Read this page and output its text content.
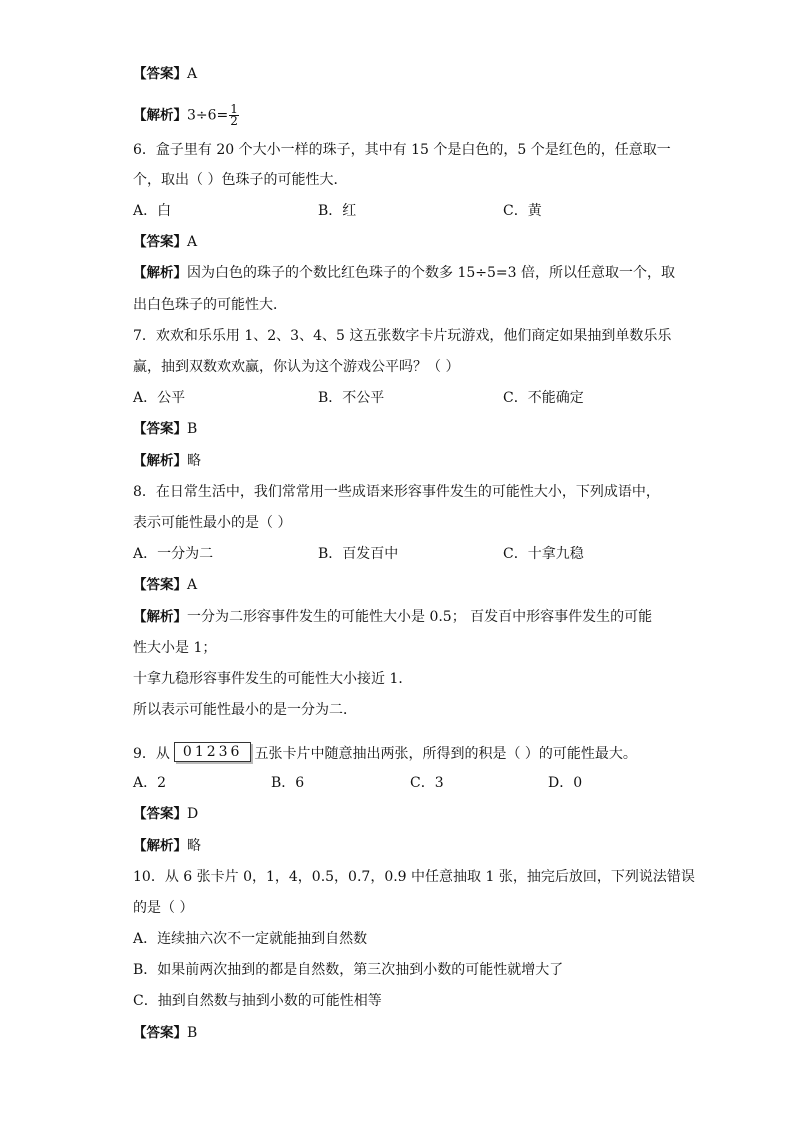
【答案】A
【解析】$3\div 6= \frac{1}{2}$
6．盒子里有 20 个大小一样的珠子，其中有 15 个是白色的，5 个是红色的，任意取一
个，取出（ ）色珠子的可能性大．
A．白	B．红	C．黄
【答案】A
【解析】因为白色的珠子的个数比红色珠子的个数多 15÷5=3 倍，所以任意取一个，取
出白色珠子的可能性大．
7．欢欢和乐乐用 1、2、3、4、5 这五张数字卡片玩游戏，他们商定如果抽到单数乐乐
赢，抽到双数欢欢赢，你认为这个游戏公平吗？（ ）
A．公平	B．不公平	C．不能确定
【答案】B
【解析】略
8．在日常生活中，我们常常用一些成语来形容事件发生的可能性大小，下列成语中，
表示可能性最小的是（ ）
A．一分为二	B．百发百中	C．十拿九稳
【答案】A
【解析】一分为二形容事件发生的可能性大小是 0.5； 百发百中形容事件发生的可能
性大小是 1；
十拿九稳形容事件发生的可能性大小接近 1．
所以表示可能性最小的是一分为二．
9．从 01236 五张卡片中随意抽出两张，所得到的积是（ ）的可能性最大。
A．2	B．6	C．3	D．0
【答案】D
【解析】略
10．从 6 张卡片 0，1，4，0.5，0.7，0.9 中任意抽取 1 张，抽完后放回，下列说法错误
的是（ ）
A．连续抽六次不一定就能抽到自然数
B．如果前两次抽到的都是自然数，第三次抽到小数的可能性就增大了
C．抽到自然数与抽到小数的可能性相等
【答案】B
